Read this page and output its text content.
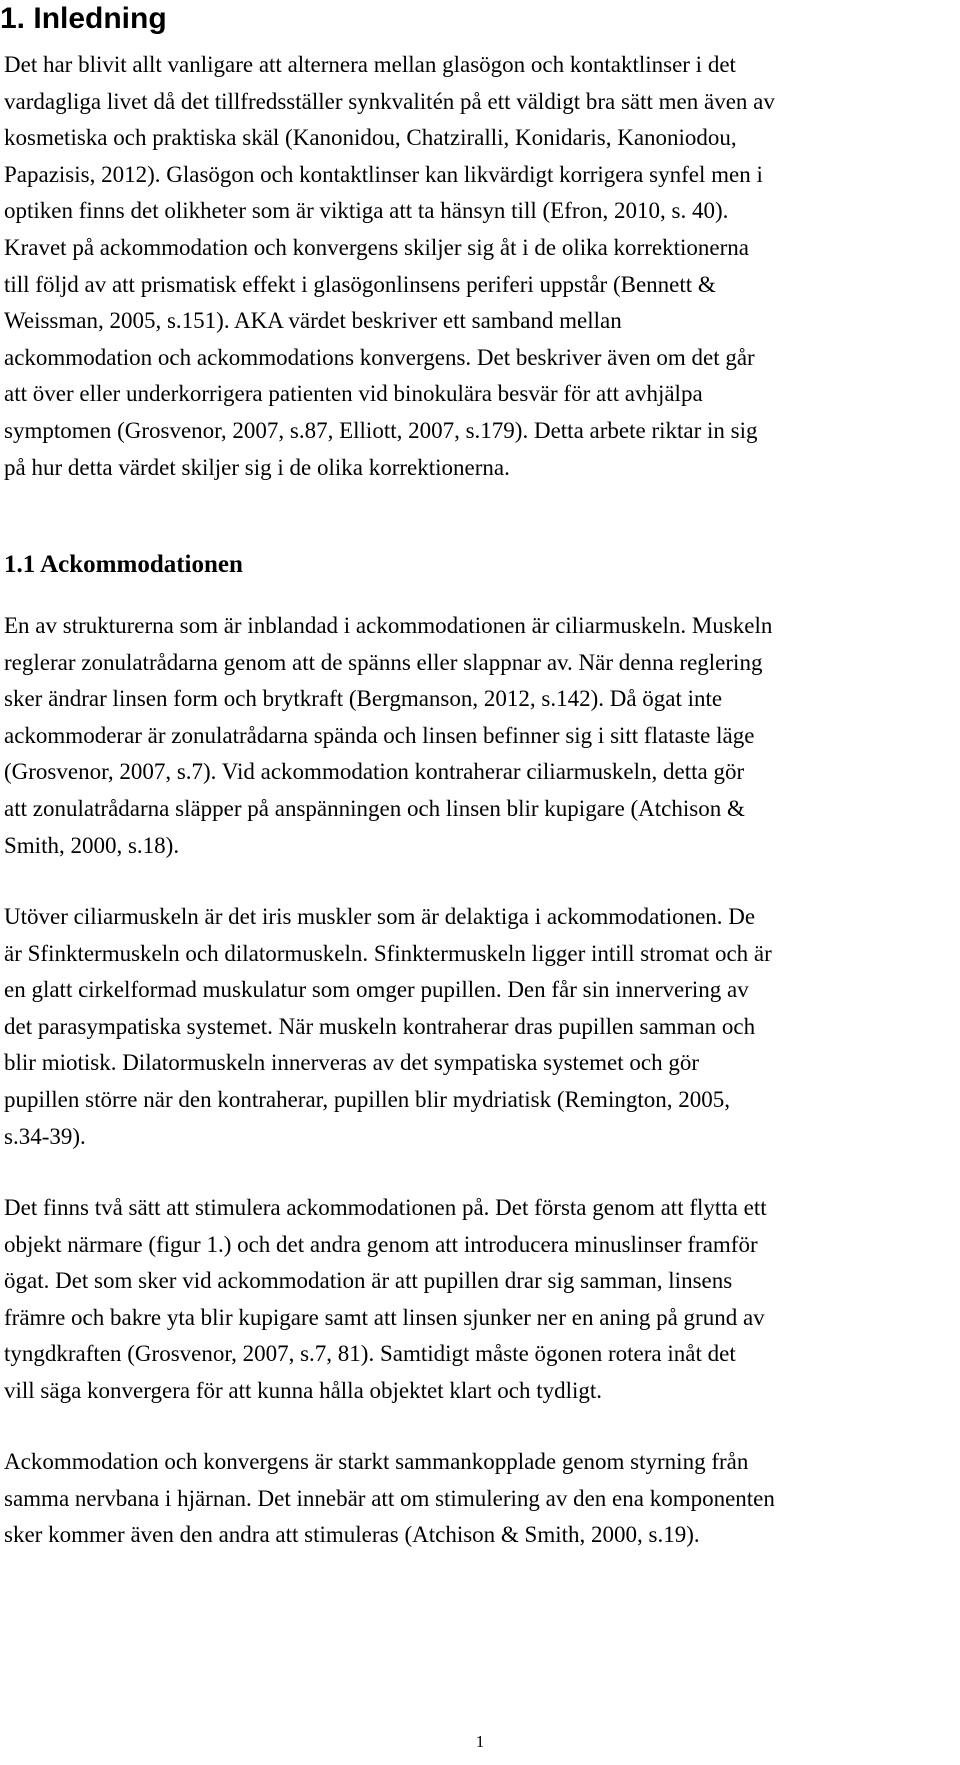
1. Inledning

Det har blivit allt vanligare att alternera mellan glasögon och kontaktlinser i det
vardagliga livet då det tillfredsställer synkvalitén på ett väldigt bra sätt men även av
kosmetiska och praktiska skäl (Kanonidou, Chatziralli, Konidaris, Kanoniodou,
Papazisis, 2012). Glasögon och kontaktlinser kan likvärdigt korrigera synfel men i
optiken finns det olikheter som är viktiga att ta hänsyn till (Efron, 2010, s. 40).
Kravet på ackommodation och konvergens skiljer sig åt i de olika korrektionerna
till följd av att prismatisk effekt i glasögonlinsens periferi uppstår (Bennett &
Weissman, 2005, s.151). AKA värdet beskriver ett samband mellan
ackommodation och ackommodations konvergens. Det beskriver även om det går
att över eller underkorrigera patienten vid binokulära besvär för att avhjälpa
symptomen (Grosvenor, 2007, s.87, Elliott, 2007, s.179). Detta arbete riktar in sig
på hur detta värdet skiljer sig i de olika korrektionerna.

1.1 Ackommodationen

En av strukturerna som är inblandad i ackommodationen är ciliarmuskeln. Muskeln
reglerar zonulatrådarna genom att de spänns eller slappnar av. När denna reglering
sker ändrar linsen form och brytkraft (Bergmanson, 2012, s.142). Då ögat inte
ackommoderar är zonulatrådarna spända och linsen befinner sig i sitt flataste läge
(Grosvenor, 2007, s.7). Vid ackommodation kontraherar ciliarmuskeln, detta gör
att zonulatrådarna släpper på anspänningen och linsen blir kupigare (Atchison &
Smith, 2000, s.18).

Utöver ciliarmuskeln är det iris muskler som är delaktiga i ackommodationen. De
är Sfinktermuskeln och dilatormuskeln. Sfinktermuskeln ligger intill stromat och är
en glatt cirkelformad muskulatur som omger pupillen. Den får sin innervering av
det parasympatiska systemet. När muskeln kontraherar dras pupillen samman och
blir miotisk. Dilatormuskeln innerveras av det sympatiska systemet och gör
pupillen större när den kontraherar, pupillen blir mydriatisk (Remington, 2005,
s.34-39).

Det finns två sätt att stimulera ackommodationen på. Det första genom att flytta ett
objekt närmare (figur 1.) och det andra genom att introducera minuslinser framför
ögat. Det som sker vid ackommodation är att pupillen drar sig samman, linsens
främre och bakre yta blir kupigare samt att linsen sjunker ner en aning på grund av
tyngdkraften (Grosvenor, 2007, s.7, 81). Samtidigt måste ögonen rotera inåt det
vill säga konvergera för att kunna hålla objektet klart och tydligt.

Ackommodation och konvergens är starkt sammankopplade genom styrning från
samma nervbana i hjärnan. Det innebär att om stimulering av den ena komponenten
sker kommer även den andra att stimuleras (Atchison & Smith, 2000, s.19).

1
